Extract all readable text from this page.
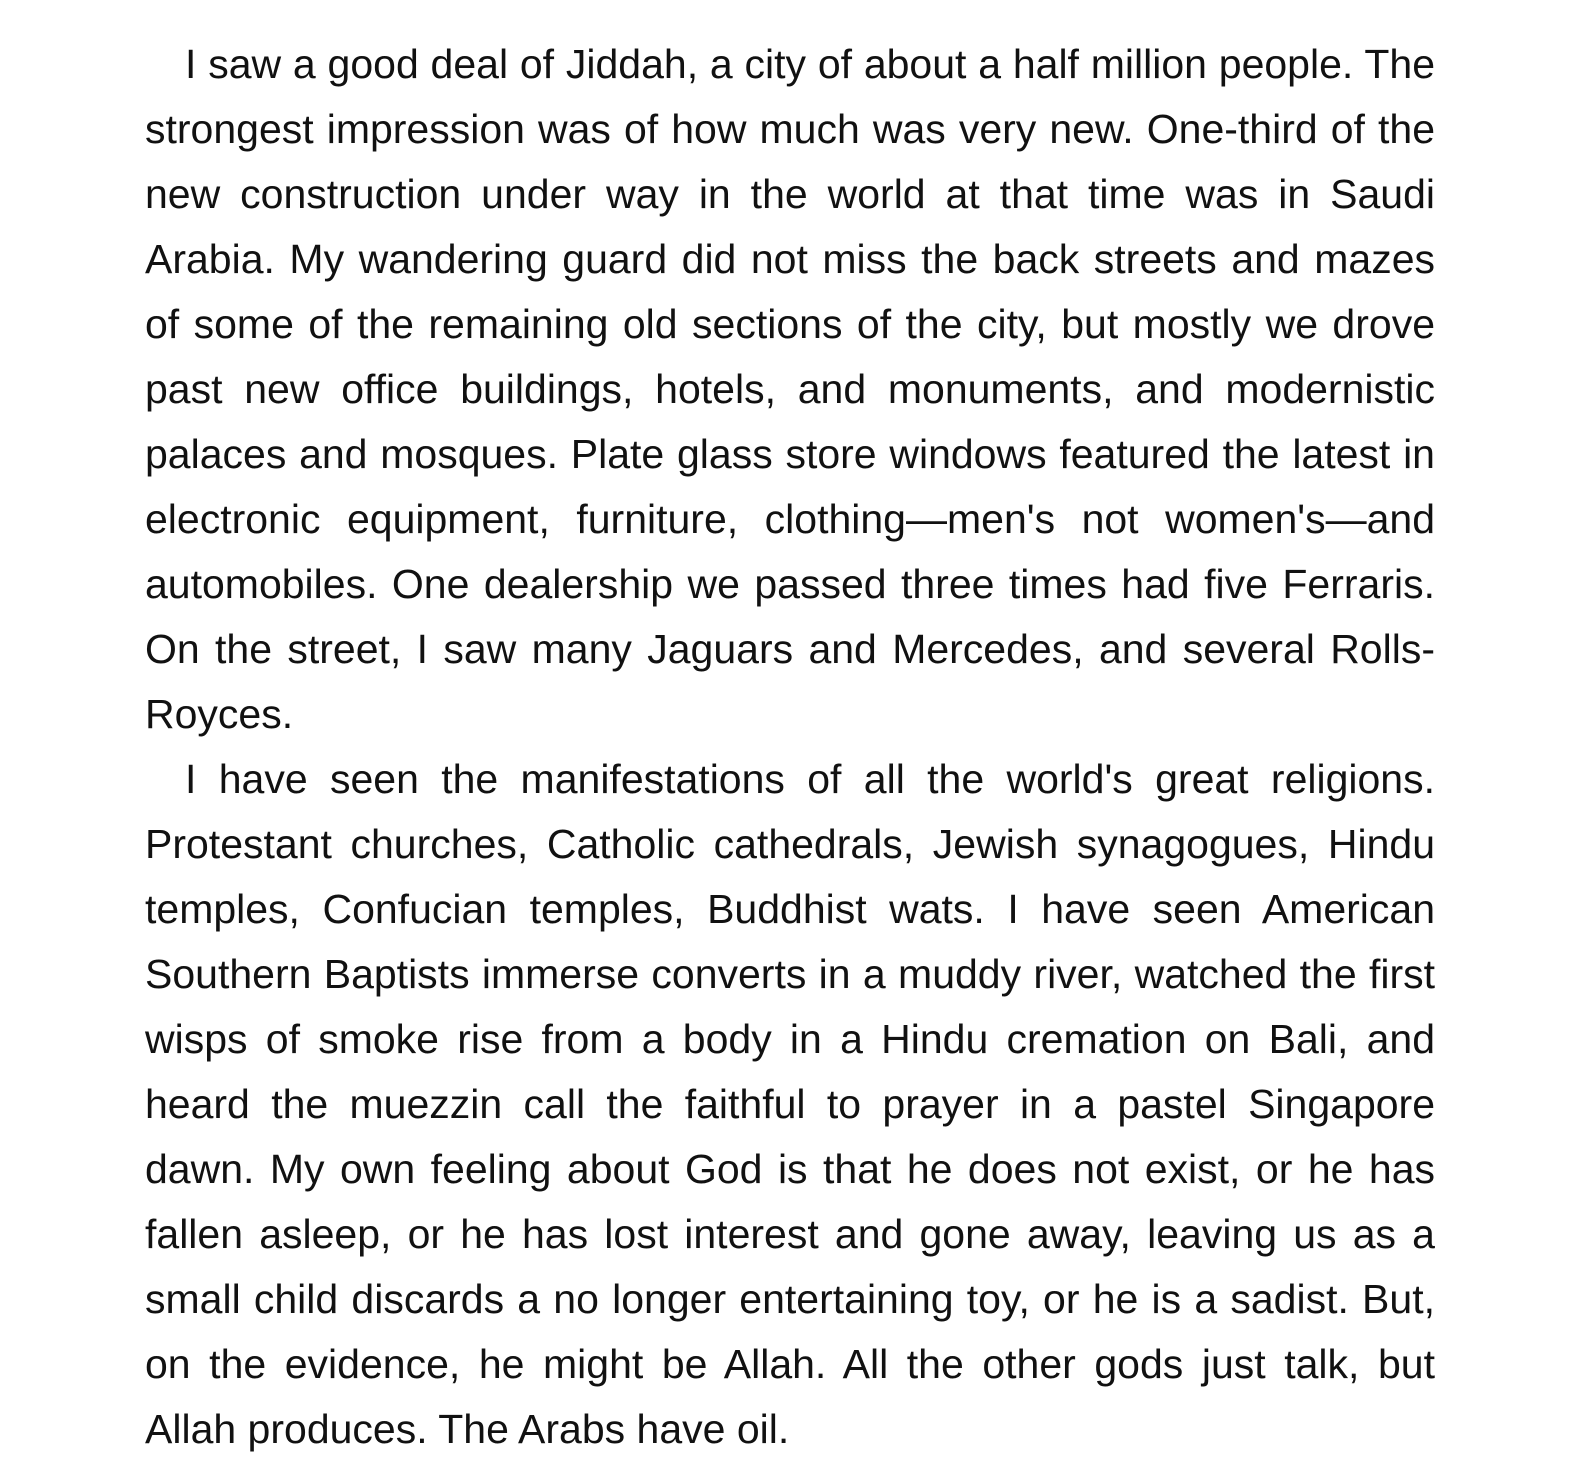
I saw a good deal of Jiddah, a city of about a half million people. The strongest impression was of how much was very new. One-third of the new construction under way in the world at that time was in Saudi Arabia. My wandering guard did not miss the back streets and mazes of some of the remaining old sections of the city, but mostly we drove past new office buildings, hotels, and monuments, and modernistic palaces and mosques. Plate glass store windows featured the latest in electronic equipment, furniture, clothing—men's not women's—and automobiles. One dealership we passed three times had five Ferraris. On the street, I saw many Jaguars and Mercedes, and several Rolls-Royces.

I have seen the manifestations of all the world's great religions. Protestant churches, Catholic cathedrals, Jewish synagogues, Hindu temples, Confucian temples, Buddhist wats. I have seen American Southern Baptists immerse converts in a muddy river, watched the first wisps of smoke rise from a body in a Hindu cremation on Bali, and heard the muezzin call the faithful to prayer in a pastel Singapore dawn. My own feeling about God is that he does not exist, or he has fallen asleep, or he has lost interest and gone away, leaving us as a small child discards a no longer entertaining toy, or he is a sadist. But, on the evidence, he might be Allah. All the other gods just talk, but Allah produces. The Arabs have oil.
